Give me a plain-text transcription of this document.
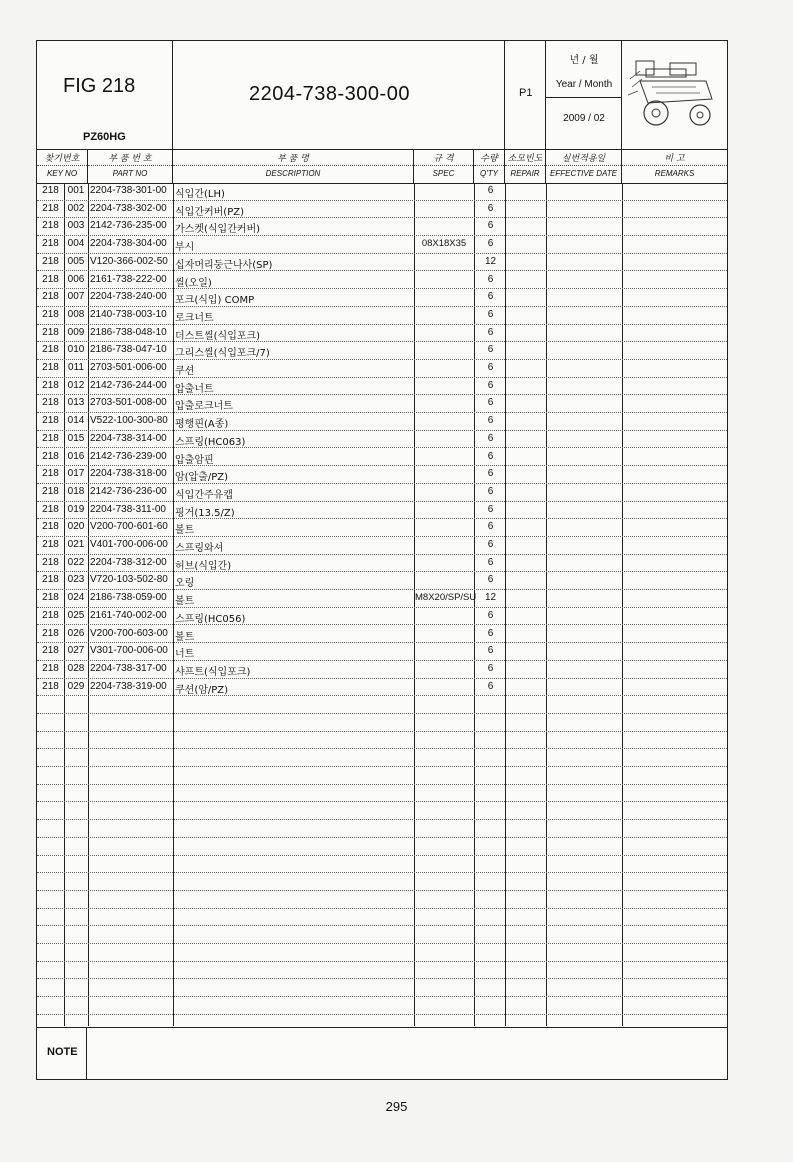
FIG 218
PZ60HG
2204-738-300-00	P1
년 / 월
Year / Month
2009 / 02
찾기번호
KEY NO
부 품 번 호
PART NO
부 품 명
DESCRIPTION
규 격
SPEC
수량
Q'TY
소모빈도
REPAIR
실번적용일
EFFECTIVE DATE
비 고
REMARKS
218 001 2204-738-301-00 식입간(LH)	6
218 002 2204-738-302-00 식입간커버(PZ)	6
218 003 2142-736-235-00 가스켓(식입간커버)	6
218 004 2204-738-304-00 부시	08X18X35	6
218 005 V120-366-002-50 십자머리둥근나사(SP)	12
218 006 2161-738-222-00 씰(오일)	6
218 007 2204-738-240-00 포크(식입) COMP	6
218 008 2140-738-003-10 로크너트	6
218 009 2186-738-048-10 더스트씰(식입포크)	6
218 010 2186-738-047-10 그리스씰(식입포크/7)	6
218 011 2703-501-006-00 쿠션	6
218 012 2142-736-244-00 압출너트	6
218 013 2703-501-008-00 압출로크너트	6
218 014 V522-100-300-80 평행핀(A종)	6
218 015 2204-738-314-00 스프링(HC063)	6
218 016 2142-736-239-00 압출암핀	6
218 017 2204-738-318-00 암(압출/PZ)	6
218 018 2142-736-236-00 식입간주유캡	6
218 019 2204-738-311-00 핑거(13.5/Z)	6
218 020 V200-700-601-60 볼트	6
218 021 V401-700-006-00 스프링와셔	6
218 022 2204-738-312-00 허브(식입간)	6
218 023 V720-103-502-80 오링	6
218 024 2186-738-059-00 볼트	M8X20/SP/SU 12
218 025 2161-740-002-00 스프링(HC056)	6
218 026 V200-700-603-00 볼트	6
218 027 V301-700-006-00 너트	6
218 028 2204-738-317-00 샤프트(식입포크)	6
218 029 2204-738-319-00 쿠션(암/PZ)	6
NOTE
295
